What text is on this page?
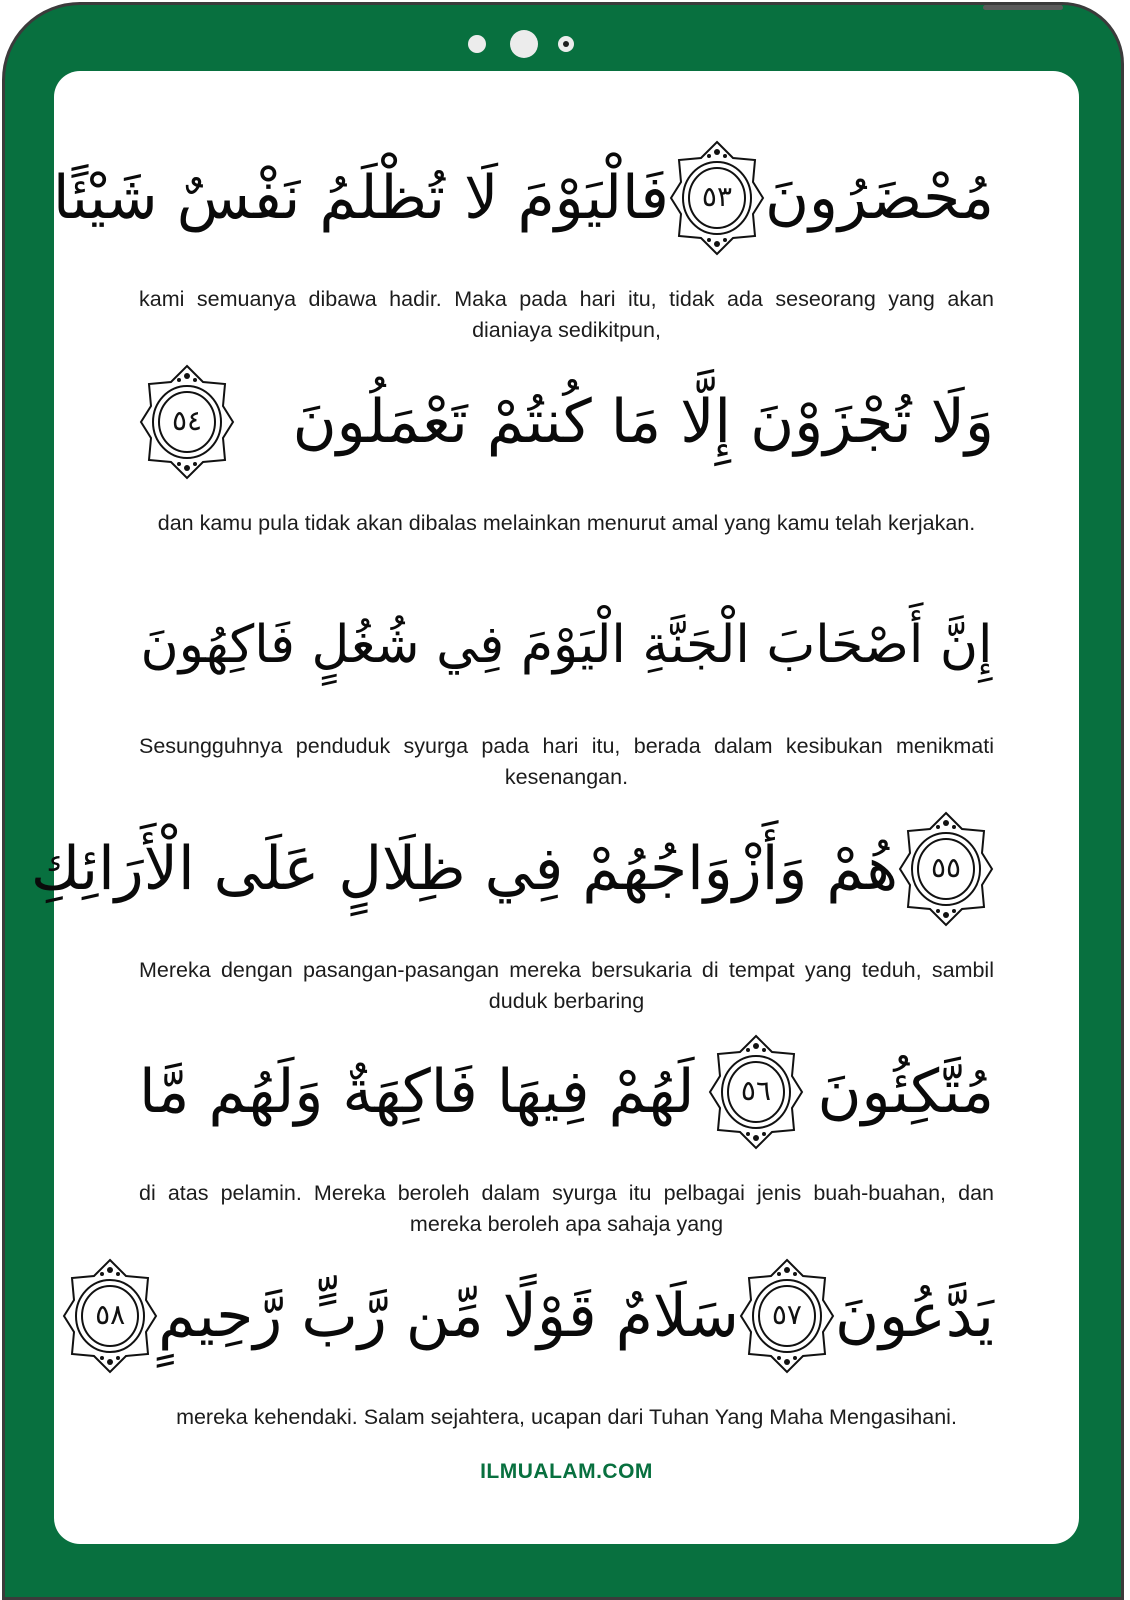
مُحْضَرُونَ
٥٣
فَالْيَوْمَ لَا تُظْلَمُ نَفْسٌ شَيْئًا
kami semuanya dibawa hadir. Maka pada hari itu, tidak ada seseorang yang akan dianiaya sedikitpun,
وَلَا تُجْزَوْنَ إِلَّا مَا كُنتُمْ تَعْمَلُونَ
٥٤
dan kamu pula tidak akan dibalas melainkan menurut amal yang kamu telah kerjakan.
إِنَّ أَصْحَابَ الْجَنَّةِ الْيَوْمَ فِي شُغُلٍ فَاكِهُونَ
Sesungguhnya penduduk syurga pada hari itu, berada dalam kesibukan menikmati kesenangan.
٥٥
هُمْ وَأَزْوَاجُهُمْ فِي ظِلَالٍ عَلَى الْأَرَائِكِ
Mereka dengan pasangan-pasangan mereka bersukaria di tempat yang teduh, sambil duduk berbaring
مُتَّكِئُونَ
٥٦
لَهُمْ فِيهَا فَاكِهَةٌ وَلَهُم مَّا
di atas pelamin. Mereka beroleh dalam syurga itu pelbagai jenis buah-buahan, dan mereka beroleh apa sahaja yang
يَدَّعُونَ
٥٧
سَلَامٌ قَوْلًا مِّن رَّبٍّ رَّحِيمٍ
٥٨
mereka kehendaki. Salam sejahtera, ucapan dari Tuhan Yang Maha Mengasihani.
ILMUALAM.COM
